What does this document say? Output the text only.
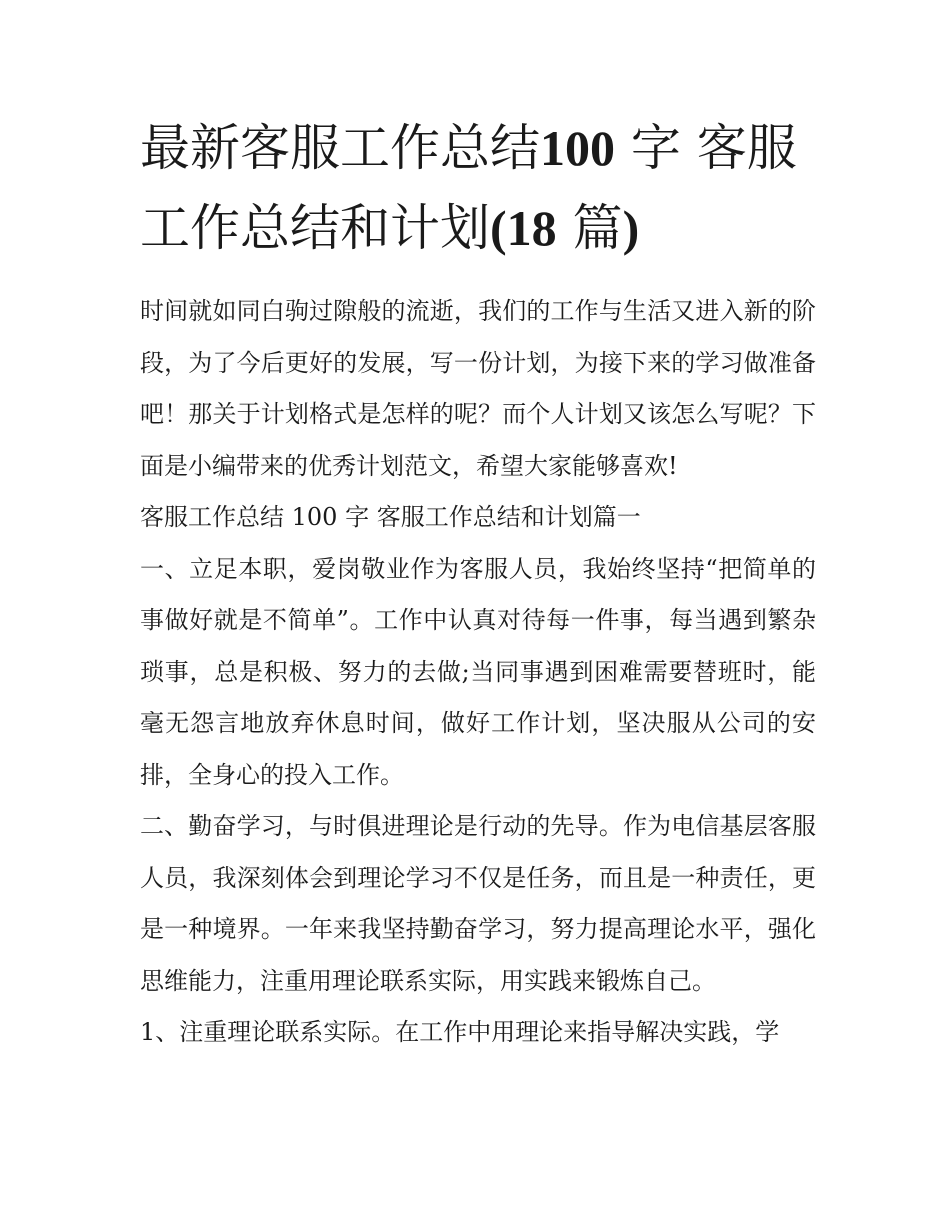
最新客服工作总结100 字 客服工作总结和计划(18 篇)

时间就如同白驹过隙般的流逝，我们的工作与生活又进入新的阶段，为了今后更好的发展，写一份计划，为接下来的学习做准备吧！那关于计划格式是怎样的呢？而个人计划又该怎么写呢？下面是小编带来的优秀计划范文，希望大家能够喜欢!

客服工作总结 100 字 客服工作总结和计划篇一

一、立足本职，爱岗敬业作为客服人员，我始终坚持“把简单的事做好就是不简单”。工作中认真对待每一件事，每当遇到繁杂琐事，总是积极、努力的去做;当同事遇到困难需要替班时，能毫无怨言地放弃休息时间，做好工作计划，坚决服从公司的安排，全身心的投入工作。

二、勤奋学习，与时俱进理论是行动的先导。作为电信基层客服人员，我深刻体会到理论学习不仅是任务，而且是一种责任，更是一种境界。一年来我坚持勤奋学习，努力提高理论水平，强化思维能力，注重用理论联系实际，用实践来锻炼自己。

1、注重理论联系实际。在工作中用理论来指导解决实践，学
